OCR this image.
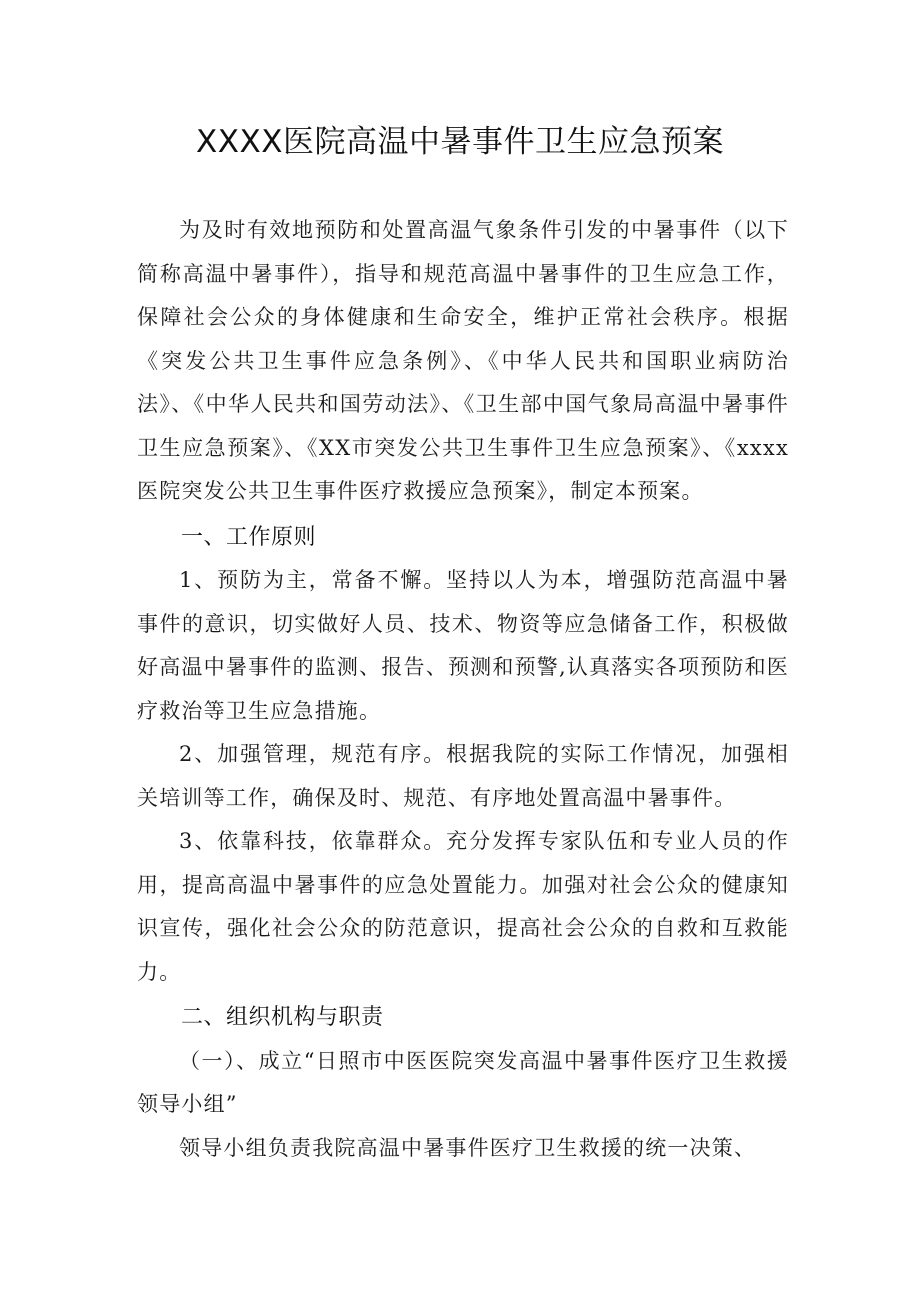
XXXX医院高温中暑事件卫生应急预案

为及时有效地预防和处置高温气象条件引发的中暑事件（以下简称高温中暑事件），指导和规范高温中暑事件的卫生应急工作，保障社会公众的身体健康和生命安全，维护正常社会秩序。根据《突发公共卫生事件应急条例》、《中华人民共和国职业病防治法》、《中华人民共和国劳动法》、《卫生部中国气象局高温中暑事件卫生应急预案》、《XX市突发公共卫生事件卫生应急预案》、《xxxx医院突发公共卫生事件医疗救援应急预案》，制定本预案。

一、工作原则

1、预防为主，常备不懈。坚持以人为本，增强防范高温中暑事件的意识，切实做好人员、技术、物资等应急储备工作，积极做好高温中暑事件的监测、报告、预测和预警,认真落实各项预防和医疗救治等卫生应急措施。

2、加强管理，规范有序。根据我院的实际工作情况，加强相关培训等工作，确保及时、规范、有序地处置高温中暑事件。

3、依靠科技，依靠群众。充分发挥专家队伍和专业人员的作用，提高高温中暑事件的应急处置能力。加强对社会公众的健康知识宣传，强化社会公众的防范意识，提高社会公众的自救和互救能力。

二、组织机构与职责

（一）、成立“日照市中医医院突发高温中暑事件医疗卫生救援领导小组”

领导小组负责我院高温中暑事件医疗卫生救援的统一决策、
